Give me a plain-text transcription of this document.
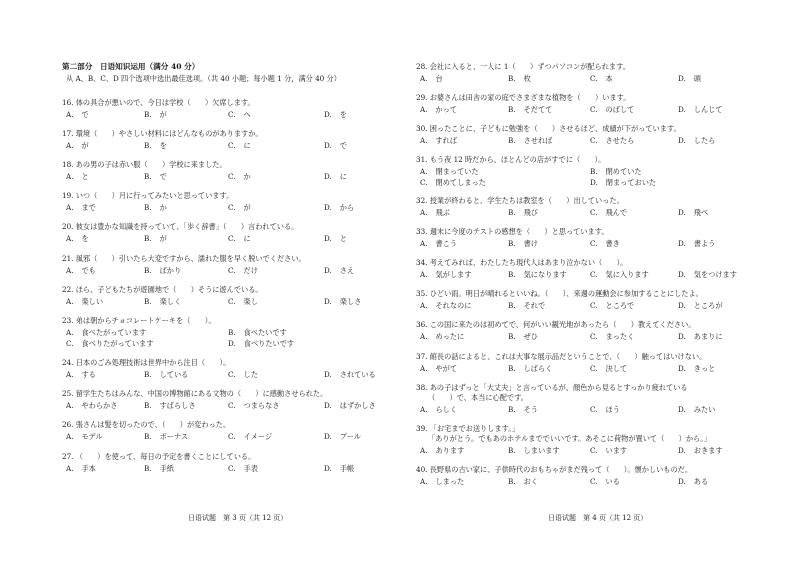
第二部分　日语知识运用（满分 40 分）
从 A、B、C、D 四个选项中选出最佳选项。（共 40 小题；每小题 1 分，满分 40 分）
16. 体の具合が悪いので、今日は学校（　　）欠席します。
A. で	B. が	C. へ	D. を
17. 環境（　　）やさしい材料にはどんなものがありますか。
A. が	B. を	C. に	D. で
18. あの男の子は赤い服（　　）学校に来ました。
A. と	B. で	C. か	D. に
19. いつ（　　）月に行ってみたいと思っています。
A. まで	B. か	C. が	D. から
20. 彼女は豊かな知識を持っていて、「歩く辞書」（　　）言われている。
A. を	B. が	C. に	D. と
21. 風邪（　　）引いたら大変ですから、濡れた服を早く脱いでください。
A. でも	B. ばかり	C. だけ	D. さえ
22. ほら、子どもたちが遊園地で（　　）そうに遊んでいる。
A. 楽しい	B. 楽しく	C. 楽し	D. 楽しさ
23. 弟は朝からチョコレートケーキを（　　）。
A. 食べたがっています	B. 食べたいです
C. 食べりたがっています	D. 食べりたいです
24. 日本のごみ処理技術は世界中から注目（　　）。
A. する	B. している	C. した	D. されている
25. 留学生たちはみんな、中国の博物館にある文物の（　　）に感動させられた。
A. やわらかさ	B. すばらしさ	C. つまらなさ	D. はずかしさ
26. 張さんは髪を切ったので、（　　）が変わった。
A. モデル	B. ボーナス	C. イメージ	D. プール
27. （　　）を使って、毎日の予定を書くことにしている。
A. 手本	B. 手紙	C. 手表	D. 手帳
日语试题　第 3 页（共 12 页）
28. 会社に入ると、一人に 1（　　）ずつパソコンが配られます。
A. 台	B. 枚	C. 本	D. 頭
29. お婆さんは田舎の家の庭でさまざまな植物を（　　）います。
A. かって	B. そだてて	C. のばして	D. しんじて
30. 困ったことに、子どもに勉強を（　　）させるほど、成績が下がっています。
A. すれば	B. させれば	C. させたら	D. したら
31. もう夜 12 時だから、ほとんどの店がすでに（　　）。
A. 閉まっていた	B. 閉めていた
C. 閉めてしまった	D. 閉まっておいた
32. 授業が終わると、学生たちは教室を（　　）出していった。
A. 飛ぶ	B. 飛び	C. 飛んで	D. 飛べ
33. 週末に今度のテストの感想を（　　）と思っています。
A. 書こう	B. 書け	C. 書き	D. 書よう
34. 考えてみれば、わたしたち現代人はあまり泣かない（　　）。
A. 気がします	B. 気になります	C. 気に入ります	D. 気をつけます
35. ひどい雨。明日が晴れるといいね。（　　）、来週の運動会に参加することにしたよ。
A. それなのに	B. それで	C. ところで	D. ところが
36. この国に来たのは初めてで、何がいい観光地があったら（　　）教えてください。
A. めったに	B. ぜひ	C. まったく	D. あまりに
37. 館長の話によると、これは大事な展示品だということで、（　　）触ってはいけない。
A. やがて	B. しばらく	C. 決して	D. きっと
38. あの子はずっと「大丈夫」と言っているが、顔色から見るとすっかり疲れている
（　　）で、本当に心配です。
A. らしく	B. そう	C. ほう	D. みたい
39. 「お宅までお送りします。」
「ありがとう。でもあのホテルまででいいです。あそこに荷物が置いて（　　）から。」
A. あります	B. しまいます	C. います	D. おきます
40. 長野県の古い家に、子供時代のおもちゃがまだ残って（　　）。懐かしいものだ。
A. しまった	B. おく	C. いる	D. ある
日语试题　第 4 页（共 12 页）
